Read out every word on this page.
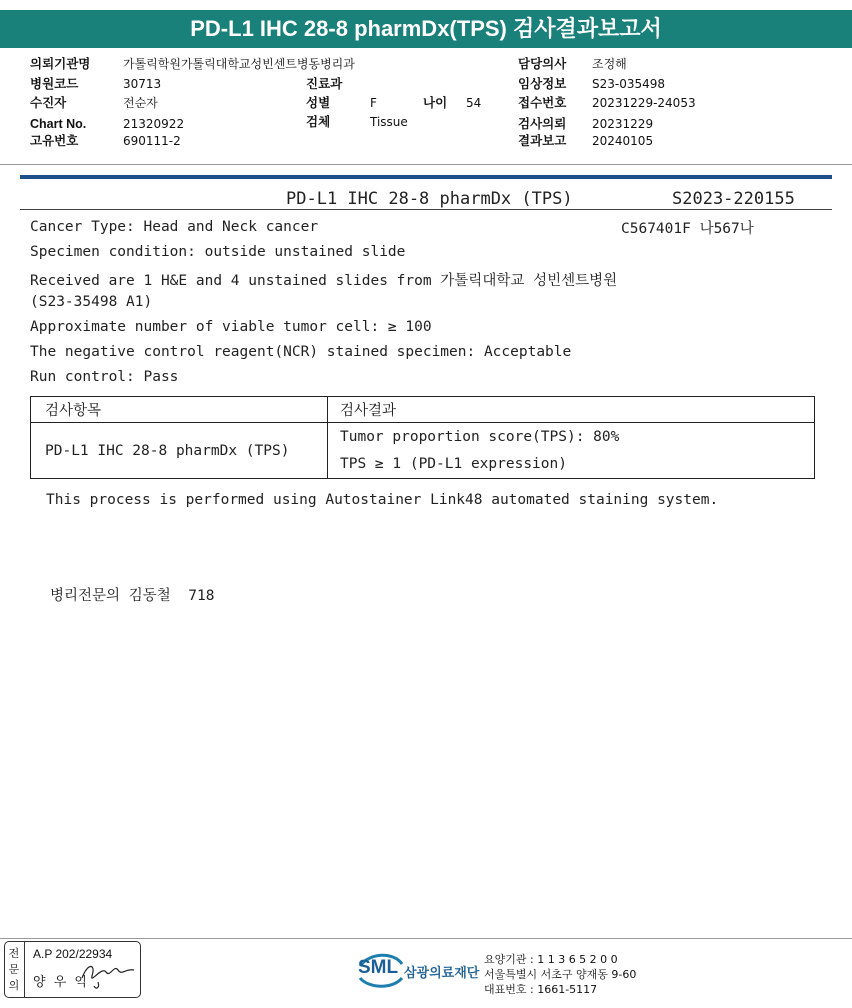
PD-L1 IHC 28-8 pharmDx(TPS) 검사결과보고서
의뢰기관명	가톨릭학원가톨릭대학교성빈센트병동병리과
병원코드	30713
수진자	전순자
Chart No.	21320922
고유번호	690111-2
진료과
성별	F	나이 54
검체	Tissue
담당의사 조정해
임상정보 S23-035498
접수번호 20231229-24053
검사의뢰 20231229
결과보고 20240105
PD-L1 IHC 28-8 pharmDx (TPS)	S2023-220155
C567401F 나567나
Cancer Type: Head and Neck cancer
Specimen condition: outside unstained slide
Received are 1 H&E and 4 unstained slides from 가톨릭대학교 성빈센트병원
(S23-35498 A1)
Approximate number of viable tumor cell: ≥ 100
The negative control reagent(NCR) stained specimen: Acceptable
Run control: Pass
검사항목	검사결과
PD-L1 IHC 28-8 pharmDx (TPS)	Tumor proportion score(TPS): 80%
TPS ≥ 1 (PD-L1 expression)
This process is performed using Autostainer Link48 automated staining system.
병리전문의 김동철  718
전문의
A.P 202/22934
양 우 익
SML 삼광의료재단
요양기관 : 1 1 3 6 5 2 0 0
서울특별시 서초구 양재동 9-60
대표번호 : 1661-5117
